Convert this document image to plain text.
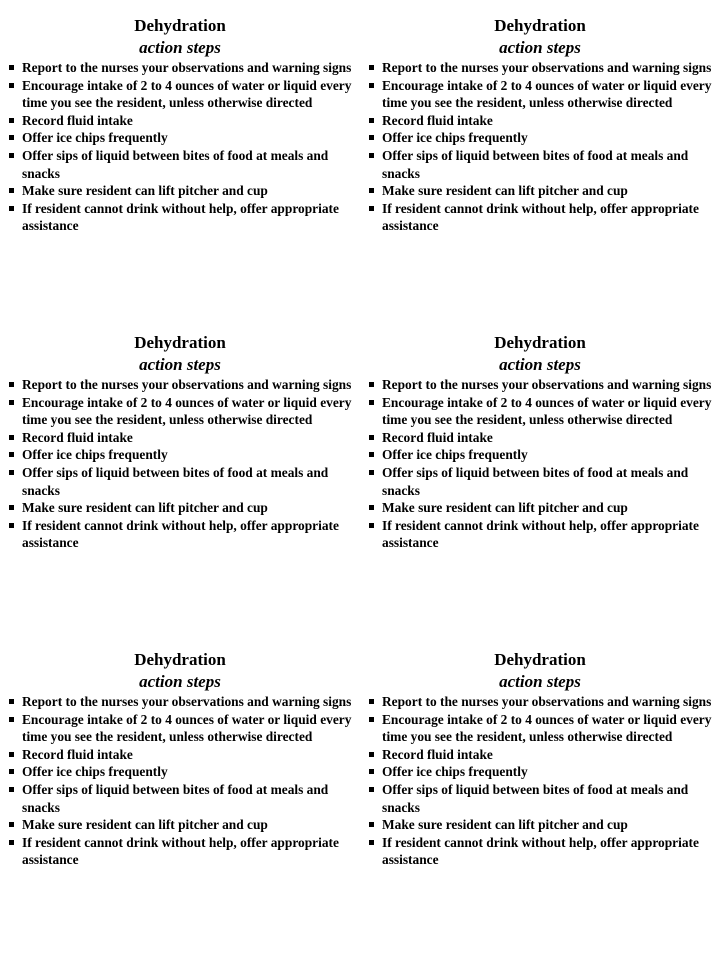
Dehydration
action steps
Report to the nurses your observations and warning signs
Encourage intake of 2 to 4 ounces of water or liquid every time you see the resident, unless otherwise directed
Record fluid intake
Offer ice chips frequently
Offer sips of liquid between bites of food at meals and snacks
Make sure resident can lift pitcher and cup
If resident cannot drink without help, offer appropriate assistance
Dehydration
action steps
Report to the nurses your observations and warning signs
Encourage intake of 2 to 4 ounces of water or liquid every time you see the resident, unless otherwise directed
Record fluid intake
Offer ice chips frequently
Offer sips of liquid between bites of food at meals and snacks
Make sure resident can lift pitcher and cup
If resident cannot drink without help, offer appropriate assistance
Dehydration
action steps
Report to the nurses your observations and warning signs
Encourage intake of 2 to 4 ounces of water or liquid every time you see the resident, unless otherwise directed
Record fluid intake
Offer ice chips frequently
Offer sips of liquid between bites of food at meals and snacks
Make sure resident can lift pitcher and cup
If resident cannot drink without help, offer appropriate assistance
Dehydration
action steps
Report to the nurses your observations and warning signs
Encourage intake of 2 to 4 ounces of water or liquid every time you see the resident, unless otherwise directed
Record fluid intake
Offer ice chips frequently
Offer sips of liquid between bites of food at meals and snacks
Make sure resident can lift pitcher and cup
If resident cannot drink without help, offer appropriate assistance
Dehydration
action steps
Report to the nurses your observations and warning signs
Encourage intake of 2 to 4 ounces of water or liquid every time you see the resident, unless otherwise directed
Record fluid intake
Offer ice chips frequently
Offer sips of liquid between bites of food at meals and snacks
Make sure resident can lift pitcher and cup
If resident cannot drink without help, offer appropriate assistance
Dehydration
action steps
Report to the nurses your observations and warning signs
Encourage intake of 2 to 4 ounces of water or liquid every time you see the resident, unless otherwise directed
Record fluid intake
Offer ice chips frequently
Offer sips of liquid between bites of food at meals and snacks
Make sure resident can lift pitcher and cup
If resident cannot drink without help, offer appropriate assistance
